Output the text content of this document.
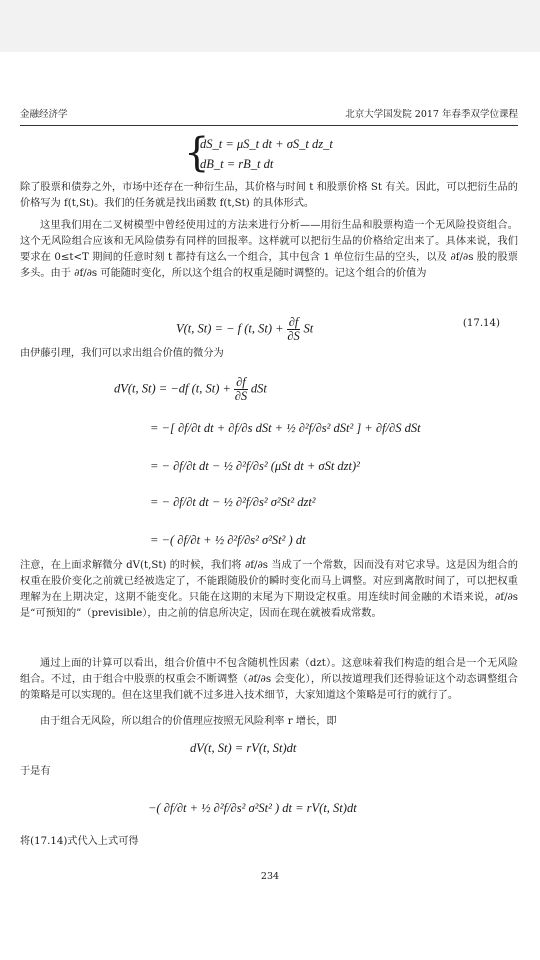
金融经济学	北京大学国发院 2017 年春季双学位课程
{
dS_t = μS_t dt + σS_t dz_t
dB_t = rB_t dt
除了股票和债券之外，市场中还存在一种衍生品，其价格与时间 t 和股票价格 St 有关。因此，可以把衍生品的价格写为 f(t,St)。我们的任务就是找出函数 f(t,St) 的具体形式。
这里我们用在二叉树模型中曾经使用过的方法来进行分析——用衍生品和股票构造一个无风险投资组合。这个无风险组合应该和无风险债券有同样的回报率。这样就可以把衍生品的价格给定出来了。具体来说，我们要求在 0≤t<T 期间的任意时刻 t 都持有这么一个组合，其中包含 1 单位衍生品的空头，以及 ∂f/∂s 股的股票多头。由于 ∂f/∂s 可能随时变化，所以这个组合的权重是随时调整的。记这个组合的价值为
V(t, St) = − f (t, $St) + \frac{\partial f}{\partial S}$ St	(17.14)
由伊藤引理，我们可以求出组合价值的微分为
dV(t, St) = −df (t, $St) + \frac{\partial f}{\partial S}$ dSt
= −[ ∂f/∂t dt + ∂f/∂s dSt + ½ ∂²f/∂s² dSt² ] + ∂f/∂S dSt
= − ∂f/∂t dt − ½ ∂²f/∂s² (μSt dt + σSt dzt)²
= − ∂f/∂t dt − ½ ∂²f/∂s² σ²St² dzt²
= −( ∂f/∂t + ½ ∂²f/∂s² σ²St² ) dt
注意，在上面求解微分 dV(t,St) 的时候，我们将 ∂f/∂s 当成了一个常数，因而没有对它求导。这是因为组合的权重在股价变化之前就已经被选定了，不能跟随股价的瞬时变化而马上调整。对应到离散时间了，可以把权重理解为在上期决定，这期不能变化。只能在这期的末尾为下期设定权重。用连续时间金融的术语来说，∂f/∂s 是“可预知的”（previsible），由之前的信息所决定，因而在现在就被看成常数。
通过上面的计算可以看出，组合价值中不包含随机性因素（dzt）。这意味着我们构造的组合是一个无风险组合。不过，由于组合中股票的权重会不断调整（∂f/∂s 会变化），所以按道理我们还得验证这个动态调整组合的策略是可以实现的。但在这里我们就不过多进入技术细节，大家知道这个策略是可行的就行了。
由于组合无风险，所以组合的价值理应按照无风险利率 r 增长，即
dV(t, St) = rV(t, St)dt
于是有
−( ∂f/∂t + ½ ∂²f/∂s² σ²St² ) dt = rV(t, St)dt
将(17.14)式代入上式可得
234
